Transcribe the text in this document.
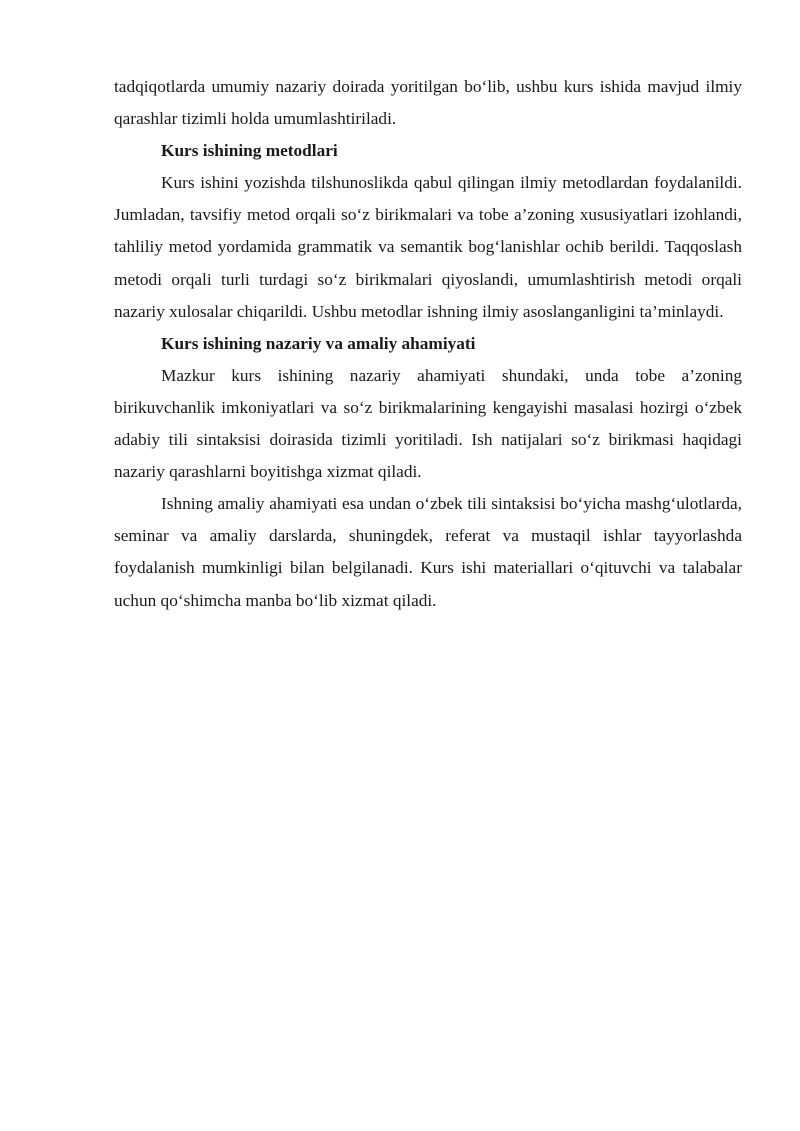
tadqiqotlarda umumiy nazariy doirada yoritilgan bo‘lib, ushbu kurs ishida mavjud ilmiy qarashlar tizimli holda umumlashtiriladi.

Kurs ishining metodlari

Kurs ishini yozishda tilshunoslikda qabul qilingan ilmiy metodlardan foydalanildi. Jumladan, tavsifiy metod orqali so‘z birikmalari va tobe a’zoning xususiyatlari izohlandi, tahliliy metod yordamida grammatik va semantik bog‘lanishlar ochib berildi. Taqqoslash metodi orqali turli turdagi so‘z birikmalari qiyoslandi, umumlashtirish metodi orqali nazariy xulosalar chiqarildi. Ushbu metodlar ishning ilmiy asoslanganligini ta’minlaydi.

Kurs ishining nazariy va amaliy ahamiyati

Mazkur kurs ishining nazariy ahamiyati shundaki, unda tobe a’zoning birikuvchanlik imkoniyatlari va so‘z birikmalarining kengayishi masalasi hozirgi o‘zbek adabiy tili sintaksisi doirasida tizimli yoritiladi. Ish natijalari so‘z birikmasi haqidagi nazariy qarashlarni boyitishga xizmat qiladi.

Ishning amaliy ahamiyati esa undan o‘zbek tili sintaksisi bo‘yicha mashg‘ulotlarda, seminar va amaliy darslarda, shuningdek, referat va mustaqil ishlar tayyorlashda foydalanish mumkinligi bilan belgilanadi. Kurs ishi materiallari o‘qituvchi va talabalar uchun qo‘shimcha manba bo‘lib xizmat qiladi.
